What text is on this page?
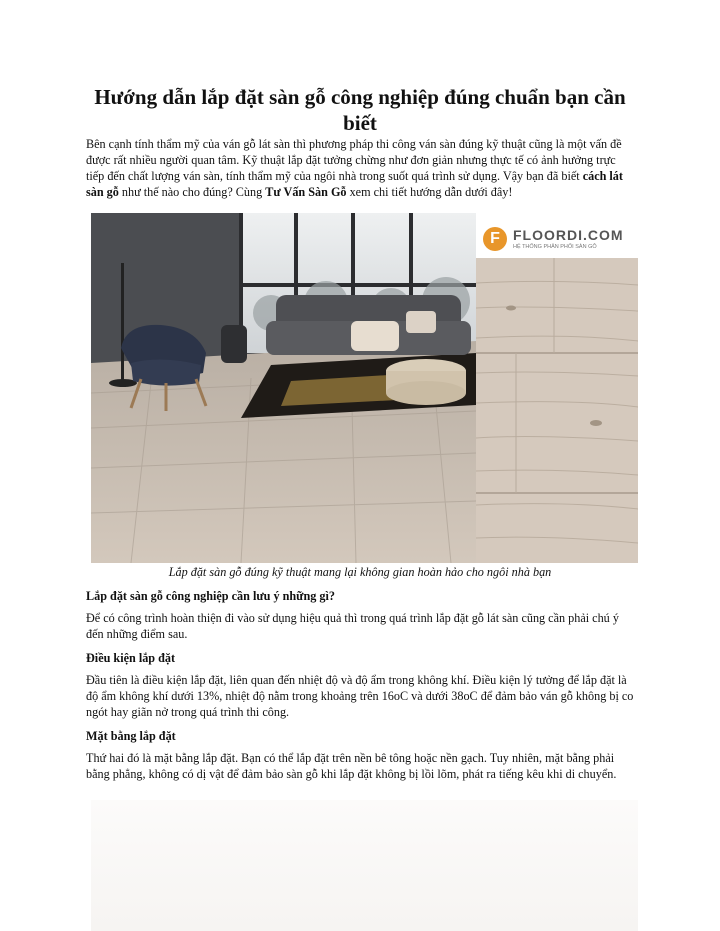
Hướng dẫn lắp đặt sàn gỗ công nghiệp đúng chuẩn bạn cần biết

Bên cạnh tính thẩm mỹ của ván gỗ lát sàn thì phương pháp thi công ván sàn đúng kỹ thuật cũng là một vấn đề được rất nhiều người quan tâm. Kỹ thuật lắp đặt tưởng chừng như đơn giản nhưng thực tế có ảnh hưởng trực tiếp đến chất lượng ván sàn, tính thẩm mỹ của ngôi nhà trong suốt quá trình sử dụng. Vậy bạn đã biết cách lát sàn gỗ như thế nào cho đúng? Cùng Tư Vấn Sàn Gỗ xem chi tiết hướng dẫn dưới đây!

F FLOORDI.COM
HỆ THỐNG PHÂN PHỐI SÀN GỖ

Lắp đặt sàn gỗ đúng kỹ thuật mang lại không gian hoàn hảo cho ngôi nhà bạn

Lắp đặt sàn gỗ công nghiệp cần lưu ý những gì?

Để có công trình hoàn thiện đi vào sử dụng hiệu quả thì trong quá trình lắp đặt gỗ lát sàn cũng cần phải chú ý đến những điểm sau.

Điều kiện lắp đặt

Đầu tiên là điều kiện lắp đặt, liên quan đến nhiệt độ và độ ẩm trong không khí. Điều kiện lý tưởng để lắp đặt là độ ẩm không khí dưới 13%, nhiệt độ nằm trong khoảng trên 16oC và dưới 38oC để đảm bảo ván gỗ không bị co ngót hay giãn nở trong quá trình thi công.

Mặt bằng lắp đặt

Thứ hai đó là mặt bằng lắp đặt. Bạn có thể lắp đặt trên nền bê tông hoặc nền gạch. Tuy nhiên, mặt bằng phải bằng phẳng, không có dị vật để đảm bảo sàn gỗ khi lắp đặt không bị lồi lõm, phát ra tiếng kêu khi di chuyển.
